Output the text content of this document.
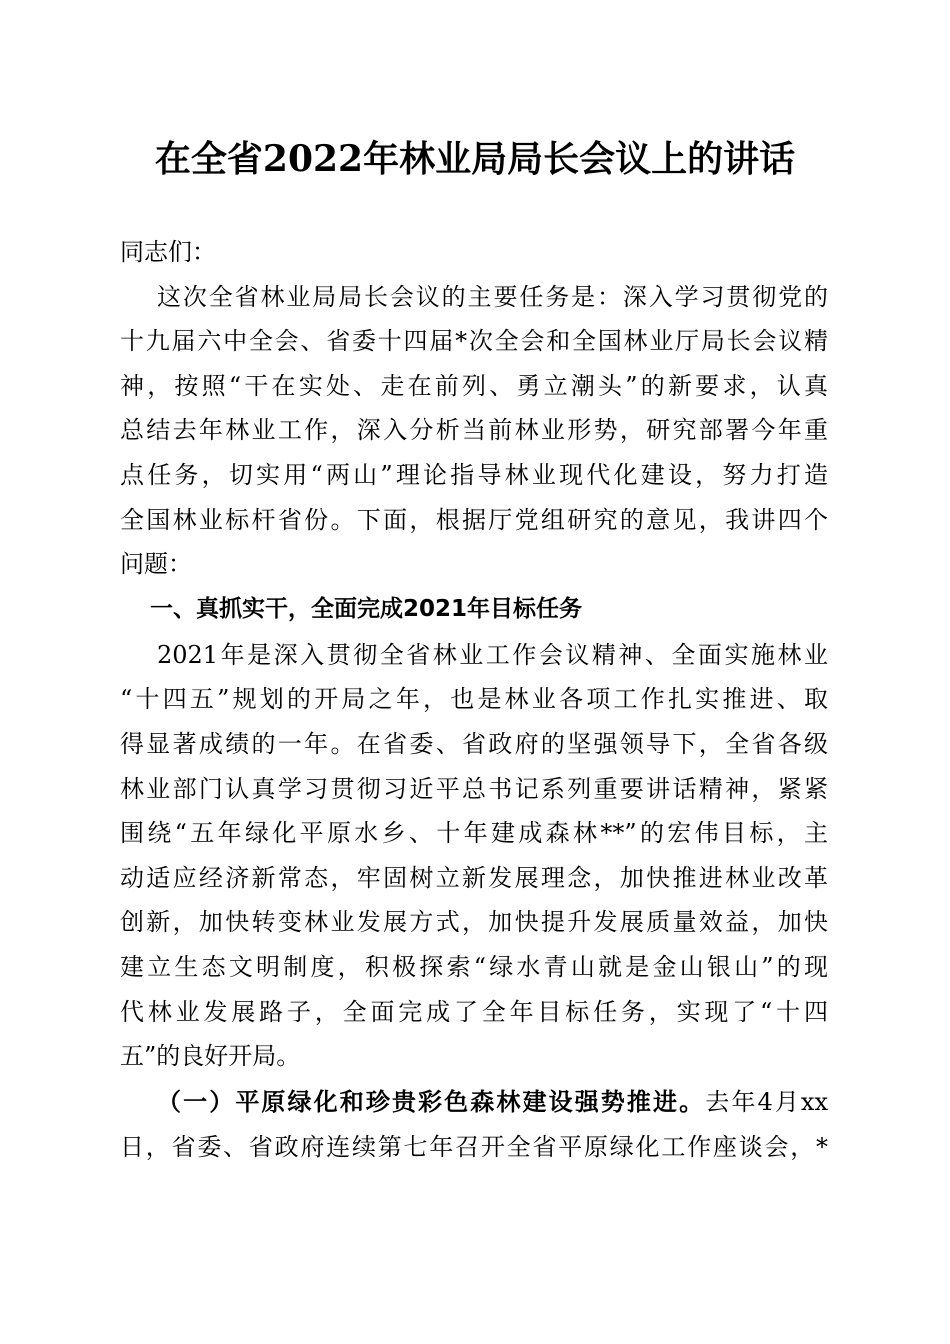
在全省2022年林业局局长会议上的讲话
同志们：
这次全省林业局局长会议的主要任务是：深入学习贯彻党的
十九届六中全会、省委十四届*次全会和全国林业厅局长会议精
神，按照“干在实处、走在前列、勇立潮头”的新要求，认真
总结去年林业工作，深入分析当前林业形势，研究部署今年重
点任务，切实用“两山”理论指导林业现代化建设，努力打造
全国林业标杆省份。下面，根据厅党组研究的意见，我讲四个
问题：
一、真抓实干，全面完成2021年目标任务
2021年是深入贯彻全省林业工作会议精神、全面实施林业
“十四五”规划的开局之年，也是林业各项工作扎实推进、取
得显著成绩的一年。在省委、省政府的坚强领导下，全省各级
林业部门认真学习贯彻习近平总书记系列重要讲话精神，紧紧
围绕“五年绿化平原水乡、十年建成森林**”的宏伟目标，主
动适应经济新常态，牢固树立新发展理念，加快推进林业改革
创新，加快转变林业发展方式，加快提升发展质量效益，加快
建立生态文明制度，积极探索“绿水青山就是金山银山”的现
代林业发展路子，全面完成了全年目标任务，实现了“十四
五”的良好开局。
（一）平原绿化和珍贵彩色森林建设强势推进。去年4月xx
日，省委、省政府连续第七年召开全省平原绿化工作座谈会，*
